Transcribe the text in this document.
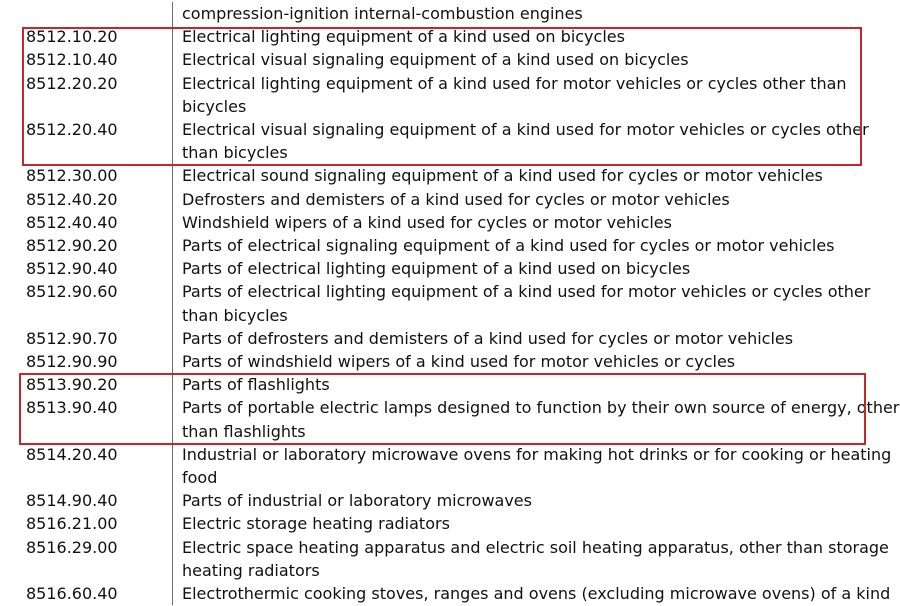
compression-ignition internal-combustion engines
8512.10.20	Electrical lighting equipment of a kind used on bicycles
8512.10.40	Electrical visual signaling equipment of a kind used on bicycles
8512.20.20	Electrical lighting equipment of a kind used for motor vehicles or cycles other than bicycles
8512.20.40	Electrical visual signaling equipment of a kind used for motor vehicles or cycles other than bicycles
8512.30.00	Electrical sound signaling equipment of a kind used for cycles or motor vehicles
8512.40.20	Defrosters and demisters of a kind used for cycles or motor vehicles
8512.40.40	Windshield wipers of a kind used for cycles or motor vehicles
8512.90.20	Parts of electrical signaling equipment of a kind used for cycles or motor vehicles
8512.90.40	Parts of electrical lighting equipment of a kind used on bicycles
8512.90.60	Parts of electrical lighting equipment of a kind used for motor vehicles or cycles other than bicycles
8512.90.70	Parts of defrosters and demisters of a kind used for cycles or motor vehicles
8512.90.90	Parts of windshield wipers of a kind used for motor vehicles or cycles
8513.90.20	Parts of flashlights
8513.90.40	Parts of portable electric lamps designed to function by their own source of energy, other than flashlights
8514.20.40	Industrial or laboratory microwave ovens for making hot drinks or for cooking or heating food
8514.90.40	Parts of industrial or laboratory microwaves
8516.21.00	Electric storage heating radiators
8516.29.00	Electric space heating apparatus and electric soil heating apparatus, other than storage heating radiators
8516.60.40	Electrothermic cooking stoves, ranges and ovens (excluding microwave ovens) of a kind
